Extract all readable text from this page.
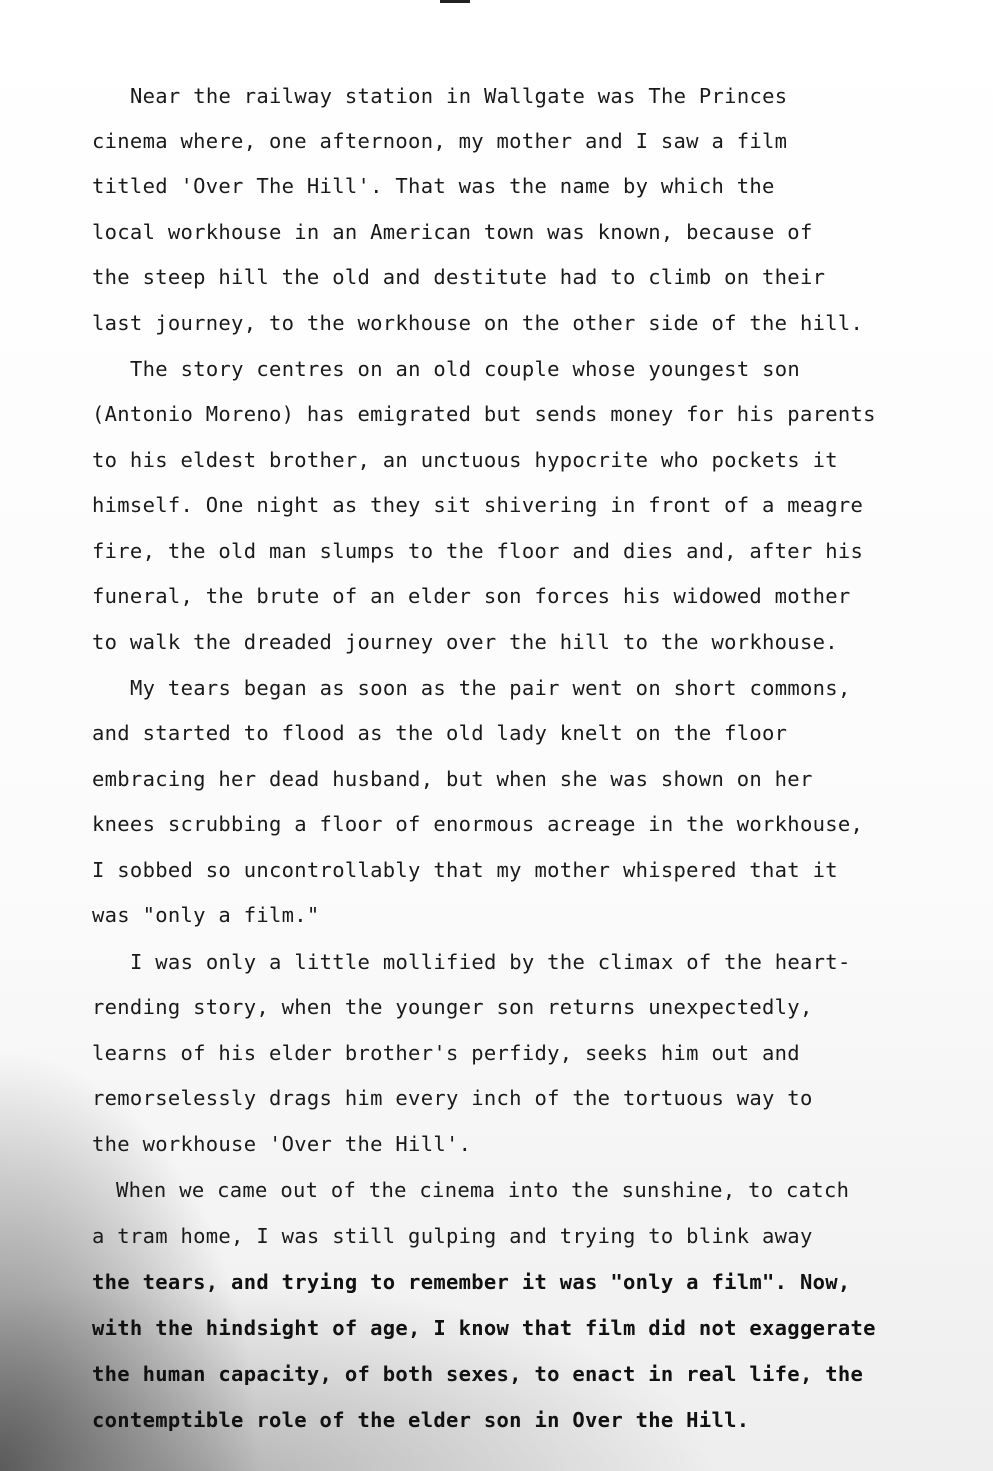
Near the railway station in Wallgate was The Princes
cinema where, one afternoon, my mother and I saw a film
titled 'Over The Hill'. That was the name by which the
local workhouse in an American town was known, because of
the steep hill the old and destitute had to climb on their
last journey, to the workhouse on the other side of the hill.
The story centres on an old couple whose youngest son
(Antonio Moreno) has emigrated but sends money for his parents
to his eldest brother, an unctuous hypocrite who pockets it
himself. One night as they sit shivering in front of a meagre
fire, the old man slumps to the floor and dies and, after his
funeral, the brute of an elder son forces his widowed mother
to walk the dreaded journey over the hill to the workhouse.
My tears began as soon as the pair went on short commons,
and started to flood as the old lady knelt on the floor
embracing her dead husband, but when she was shown on her
knees scrubbing a floor of enormous acreage in the workhouse,
I sobbed so uncontrollably that my mother whispered that it
was "only a film."
I was only a little mollified by the climax of the heart-
rending story, when the younger son returns unexpectedly,
learns of his elder brother's perfidy, seeks him out and
remorselessly drags him every inch of the tortuous way to
the workhouse 'Over the Hill'.
When we came out of the cinema into the sunshine, to catch
a tram home, I was still gulping and trying to blink away
the tears, and trying to remember it was "only a film". Now,
with the hindsight of age, I know that film did not exaggerate
the human capacity, of both sexes, to enact in real life, the
contemptible role of the elder son in Over the Hill.
